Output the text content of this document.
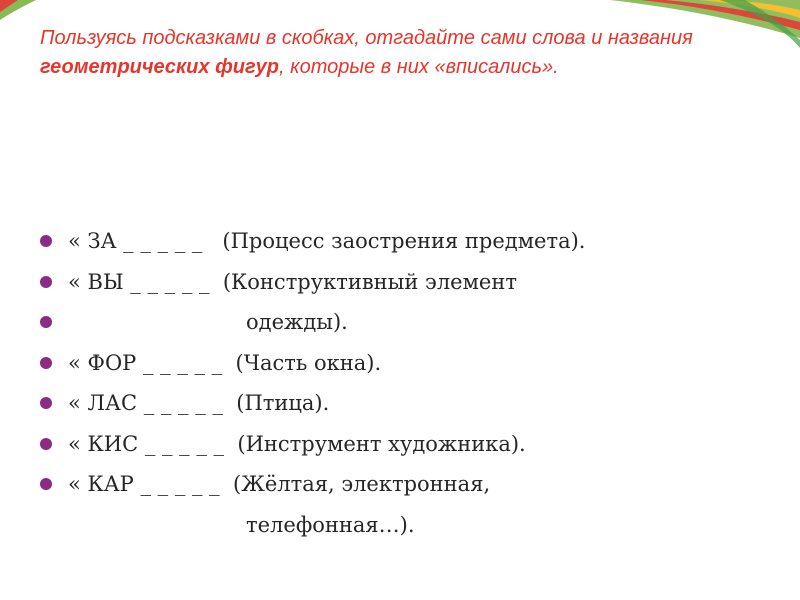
Пользуясь подсказками в скобках, отгадайте сами слова и названия геометрических фигур, которые в них «вписались».

« ЗА _ _ _ _ _   (Процесс заострения предмета).
« ВЫ _ _ _ _ _  (Конструктивный элемент
одежды).
« ФОР _ _ _ _ _  (Часть окна).
« ЛАС _ _ _ _ _  (Птица).
« КИС _ _ _ _ _  (Инструмент художника).
« КАР _ _ _ _ _  (Жёлтая, электронная,
телефонная…).
